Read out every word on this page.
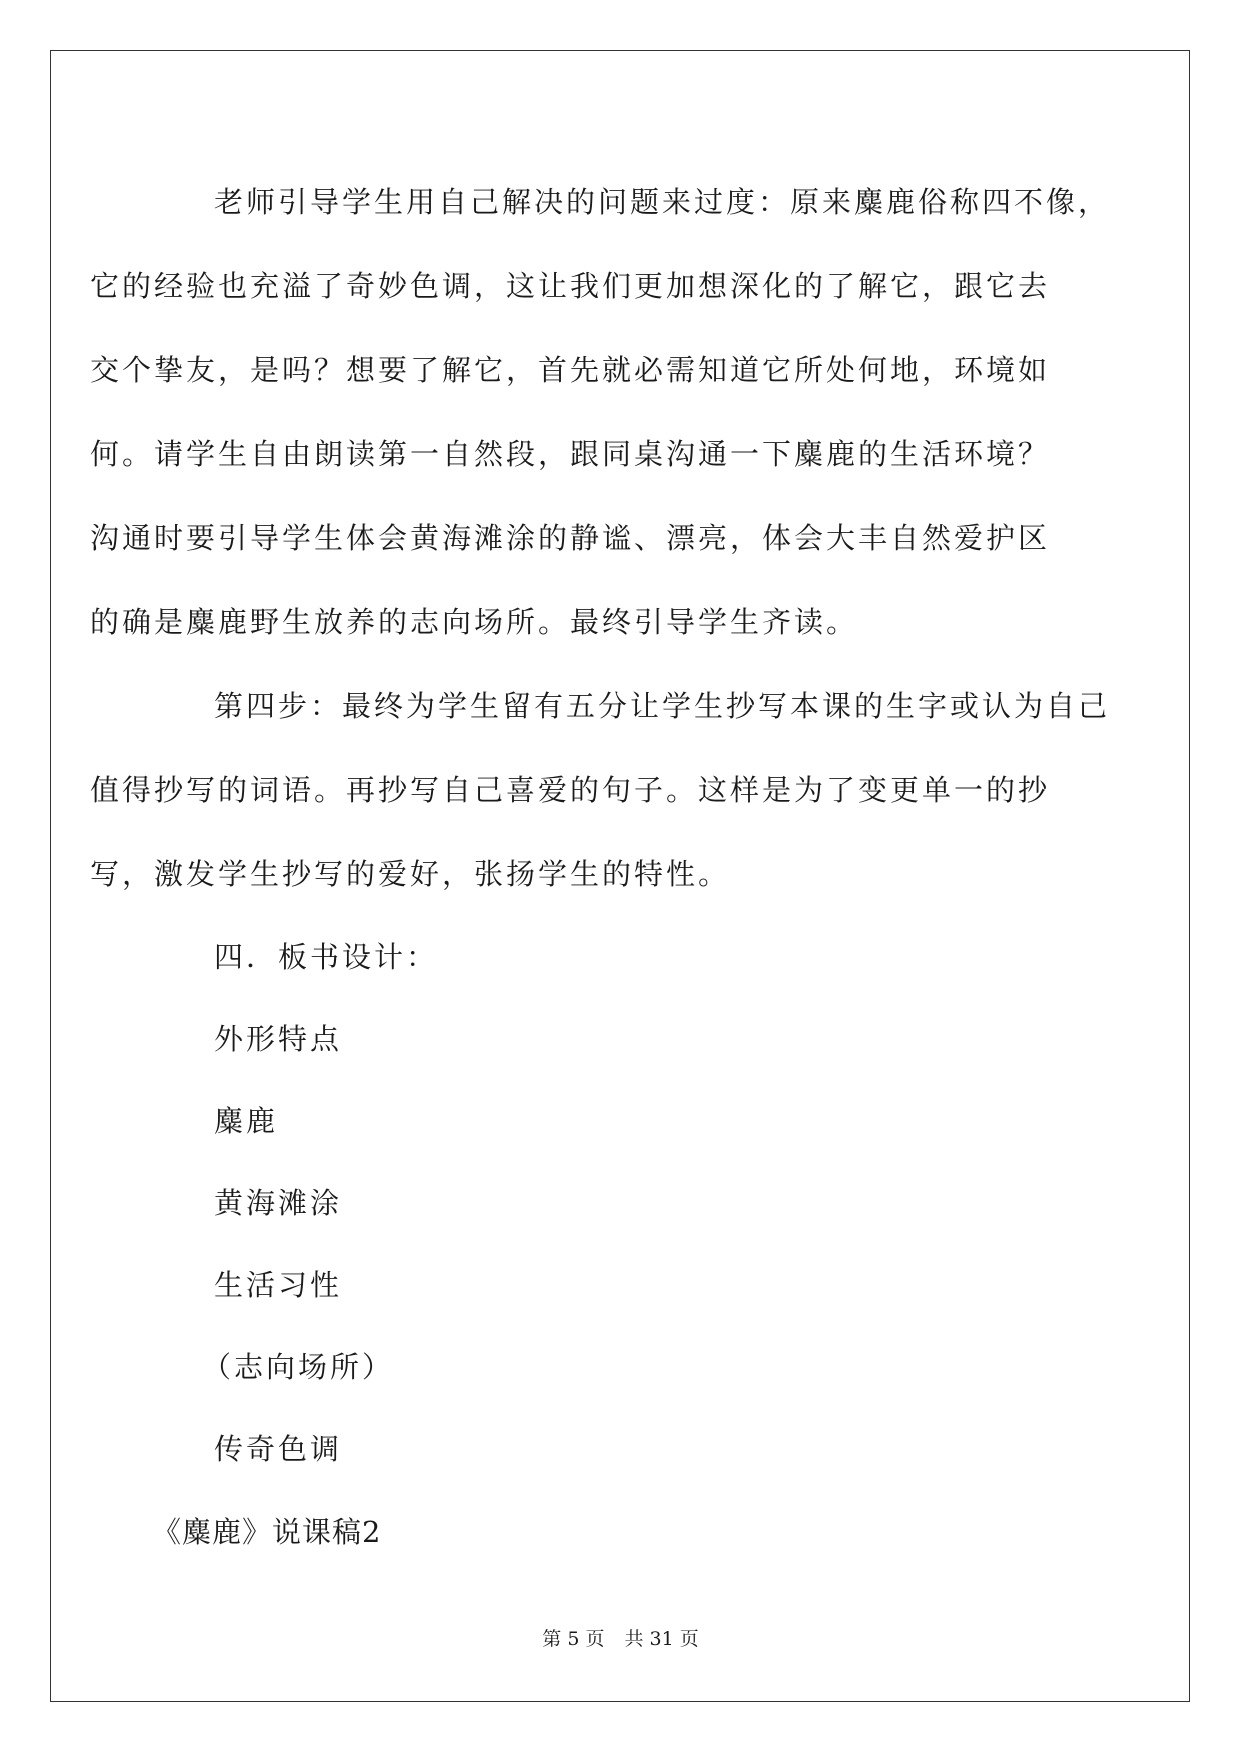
老师引导学生用自己解决的问题来过度：原来麋鹿俗称四不像，
它的经验也充溢了奇妙色调，这让我们更加想深化的了解它，跟它去
交个挚友，是吗？想要了解它，首先就必需知道它所处何地，环境如
何。请学生自由朗读第一自然段，跟同桌沟通一下麋鹿的生活环境？
沟通时要引导学生体会黄海滩涂的静谧、漂亮，体会大丰自然爱护区
的确是麋鹿野生放养的志向场所。最终引导学生齐读。

第四步：最终为学生留有五分让学生抄写本课的生字或认为自己
值得抄写的词语。再抄写自己喜爱的句子。这样是为了变更单一的抄
写，激发学生抄写的爱好，张扬学生的特性。

四．板书设计：

外形特点

麋鹿

黄海滩涂

生活习性

（志向场所）

传奇色调

《麋鹿》说课稿2

第 5 页 共 31 页
